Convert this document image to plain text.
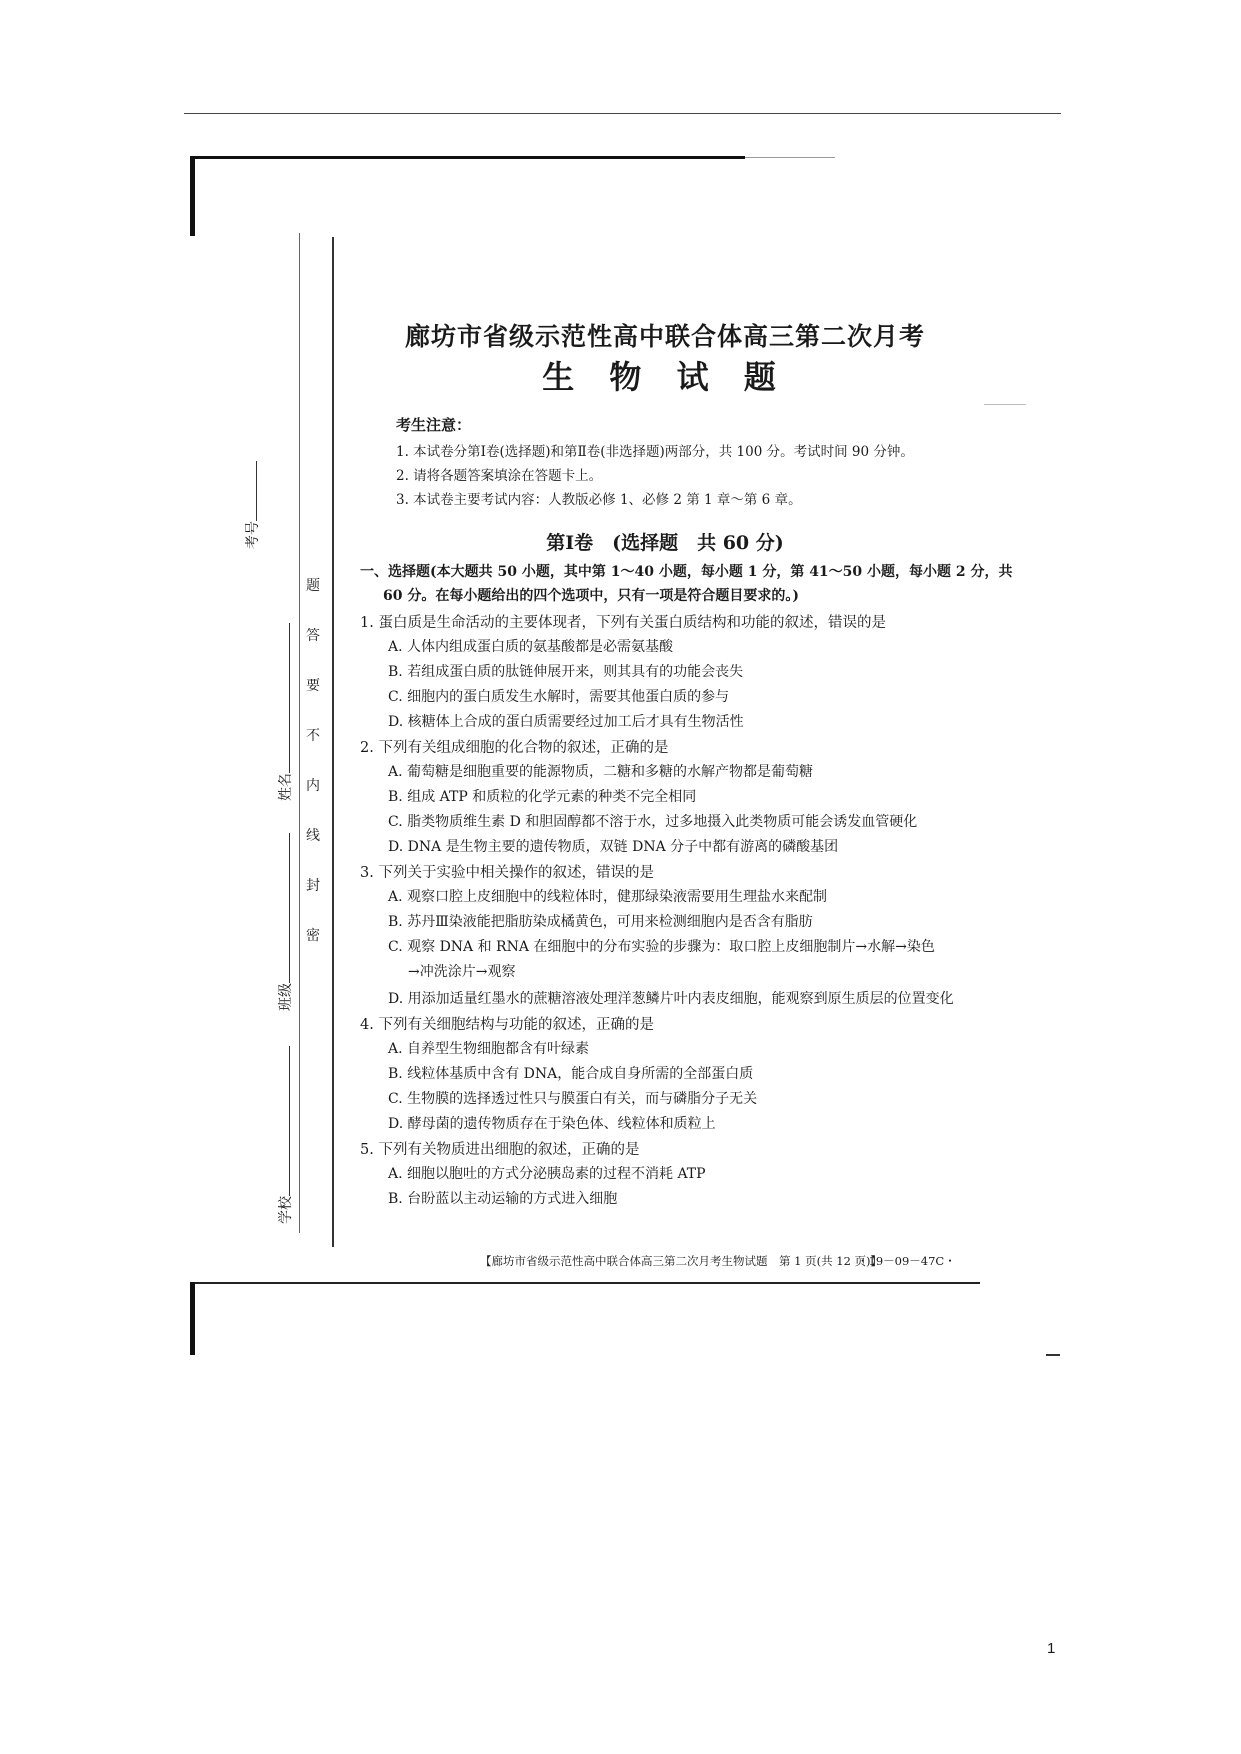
考号
姓名
班级
学校
题
答
要
不
内
线
封
密
廊坊市省级示范性高中联合体高三第二次月考
生 物 试 题
考生注意：
1. 本试卷分第Ⅰ卷(选择题)和第Ⅱ卷(非选择题)两部分，共 100 分。考试时间 90 分钟。
2. 请将各题答案填涂在答题卡上。
3. 本试卷主要考试内容：人教版必修 1、必修 2 第 1 章～第 6 章。
第Ⅰ卷　(选择题　共 60 分)
一、选择题(本大题共 50 小题，其中第 1～40 小题，每小题 1 分，第 41～50 小题，每小题 2 分，共
60 分。在每小题给出的四个选项中，只有一项是符合题目要求的。)
1. 蛋白质是生命活动的主要体现者，下列有关蛋白质结构和功能的叙述，错误的是
A. 人体内组成蛋白质的氨基酸都是必需氨基酸
B. 若组成蛋白质的肽链伸展开来，则其具有的功能会丧失
C. 细胞内的蛋白质发生水解时，需要其他蛋白质的参与
D. 核糖体上合成的蛋白质需要经过加工后才具有生物活性
2. 下列有关组成细胞的化合物的叙述，正确的是
A. 葡萄糖是细胞重要的能源物质，二糖和多糖的水解产物都是葡萄糖
B. 组成 ATP 和质粒的化学元素的种类不完全相同
C. 脂类物质维生素 D 和胆固醇都不溶于水，过多地摄入此类物质可能会诱发血管硬化
D. DNA 是生物主要的遗传物质，双链 DNA 分子中都有游离的磷酸基团
3. 下列关于实验中相关操作的叙述，错误的是
A. 观察口腔上皮细胞中的线粒体时，健那绿染液需要用生理盐水来配制
B. 苏丹Ⅲ染液能把脂肪染成橘黄色，可用来检测细胞内是否含有脂肪
C. 观察 DNA 和 RNA 在细胞中的分布实验的步骤为：取口腔上皮细胞制片→水解→染色
→冲洗涂片→观察
D. 用添加适量红墨水的蔗糖溶液处理洋葱鳞片叶内表皮细胞，能观察到原生质层的位置变化
4. 下列有关细胞结构与功能的叙述，正确的是
A. 自养型生物细胞都含有叶绿素
B. 线粒体基质中含有 DNA，能合成自身所需的全部蛋白质
C. 生物膜的选择透过性只与膜蛋白有关，而与磷脂分子无关
D. 酵母菌的遗传物质存在于染色体、线粒体和质粒上
5. 下列有关物质进出细胞的叙述，正确的是
A. 细胞以胞吐的方式分泌胰岛素的过程不消耗 ATP
B. 台盼蓝以主动运输的方式进入细胞
【廊坊市省级示范性高中联合体高三第二次月考生物试题　第 1 页(共 12 页)】
・19－09－47C・
1
